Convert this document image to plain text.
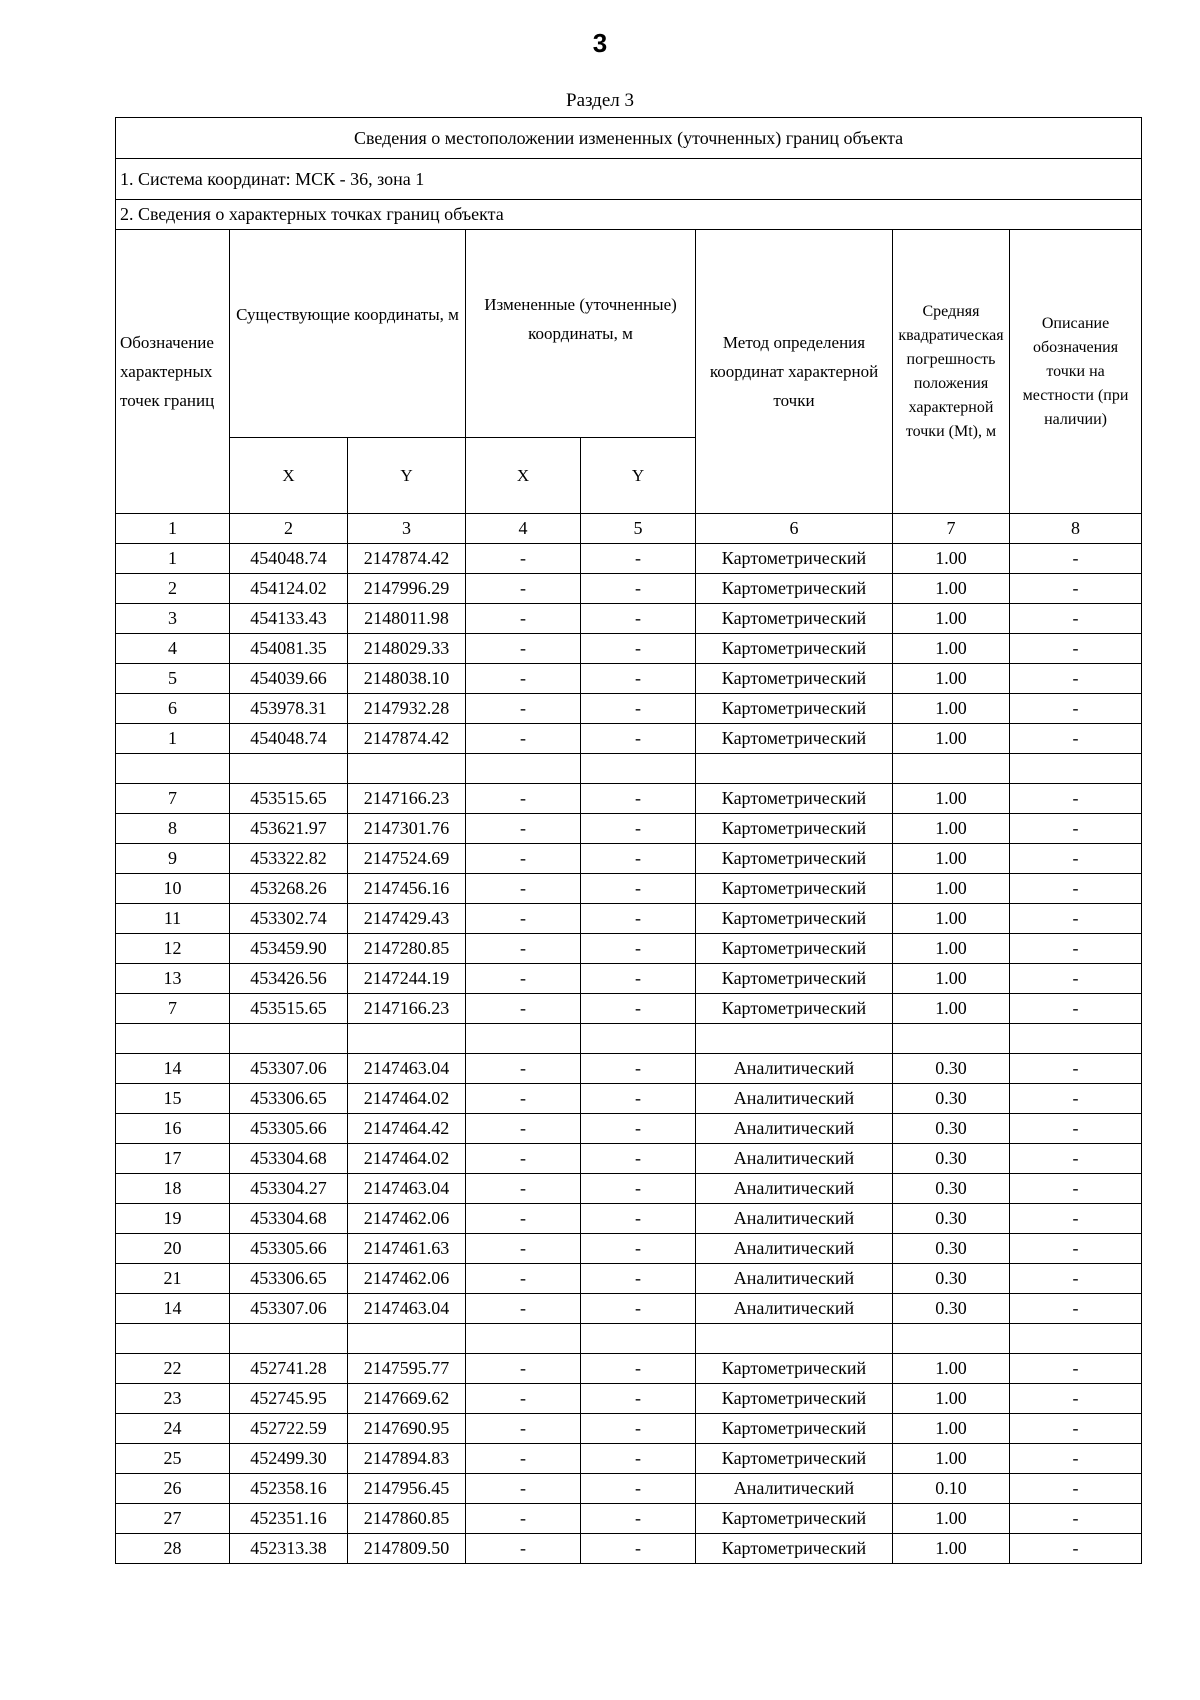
3
Раздел 3
Сведения о местоположении измененных (уточненных) границ объекта							
1. Система координат: МСК - 36, зона 1							
2. Сведения о характерных точках границ объекта							
Обозначение характерных точек границ	Существующие координаты, м		Измененные (уточненные) координаты, м		Метод определения координат характерной точки	Средняя квадратическая погрешность положения характерной точки (Mt), м	Описание обозначения точки на местности (при наличии)
	X	Y	X	Y			
1	2	3	4	5	6	7	8
1	454048.74	2147874.42	-	-	Картометрический	1.00	-
2	454124.02	2147996.29	-	-	Картометрический	1.00	-
3	454133.43	2148011.98	-	-	Картометрический	1.00	-
4	454081.35	2148029.33	-	-	Картометрический	1.00	-
5	454039.66	2148038.10	-	-	Картометрический	1.00	-
6	453978.31	2147932.28	-	-	Картометрический	1.00	-
1	454048.74	2147874.42	-	-	Картометрический	1.00	-

7	453515.65	2147166.23	-	-	Картометрический	1.00	-
8	453621.97	2147301.76	-	-	Картометрический	1.00	-
9	453322.82	2147524.69	-	-	Картометрический	1.00	-
10	453268.26	2147456.16	-	-	Картометрический	1.00	-
11	453302.74	2147429.43	-	-	Картометрический	1.00	-
12	453459.90	2147280.85	-	-	Картометрический	1.00	-
13	453426.56	2147244.19	-	-	Картометрический	1.00	-
7	453515.65	2147166.23	-	-	Картометрический	1.00	-

14	453307.06	2147463.04	-	-	Аналитический	0.30	-
15	453306.65	2147464.02	-	-	Аналитический	0.30	-
16	453305.66	2147464.42	-	-	Аналитический	0.30	-
17	453304.68	2147464.02	-	-	Аналитический	0.30	-
18	453304.27	2147463.04	-	-	Аналитический	0.30	-
19	453304.68	2147462.06	-	-	Аналитический	0.30	-
20	453305.66	2147461.63	-	-	Аналитический	0.30	-
21	453306.65	2147462.06	-	-	Аналитический	0.30	-
14	453307.06	2147463.04	-	-	Аналитический	0.30	-

22	452741.28	2147595.77	-	-	Картометрический	1.00	-
23	452745.95	2147669.62	-	-	Картометрический	1.00	-
24	452722.59	2147690.95	-	-	Картометрический	1.00	-
25	452499.30	2147894.83	-	-	Картометрический	1.00	-
26	452358.16	2147956.45	-	-	Аналитический	0.10	-
27	452351.16	2147860.85	-	-	Картометрический	1.00	-
28	452313.38	2147809.50	-	-	Картометрический	1.00	-
